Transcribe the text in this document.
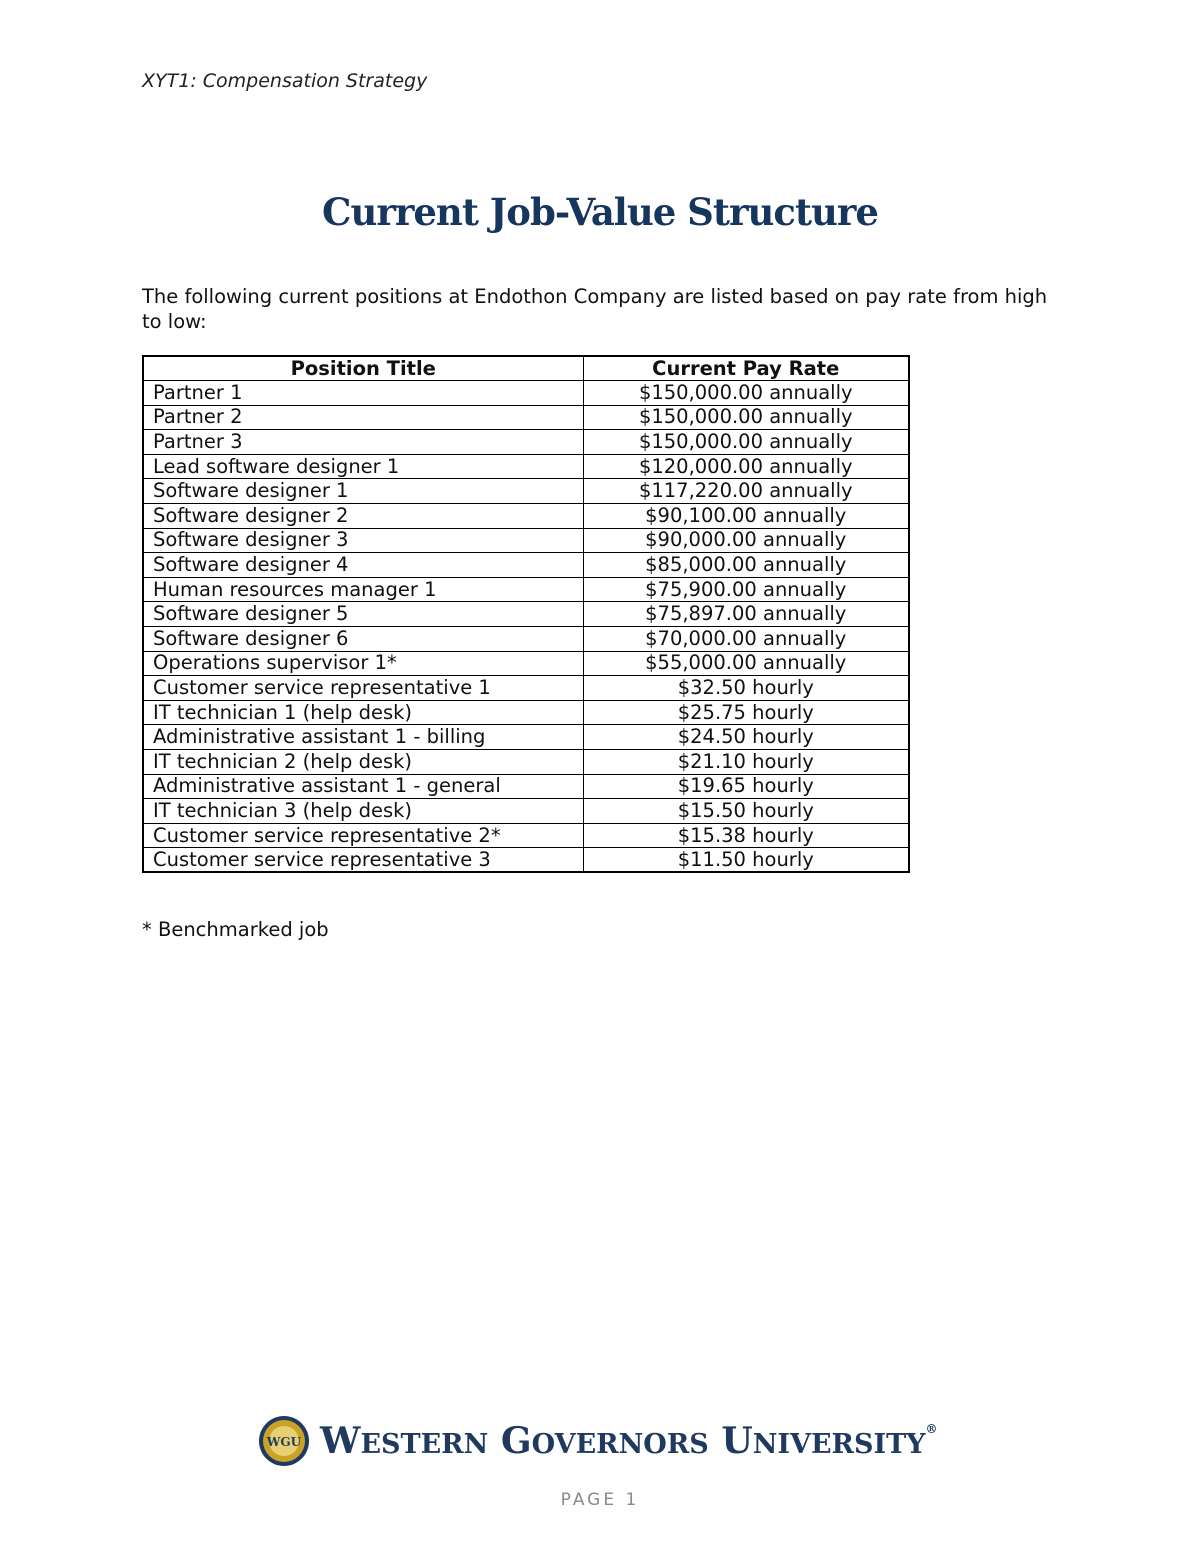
XYT1: Compensation Strategy
Current Job-Value Structure
The following current positions at Endothon Company are listed based on pay rate from high to low:
Position Title	Current Pay Rate
Partner 1	$150,000.00 annually
Partner 2	$150,000.00 annually
Partner 3	$150,000.00 annually
Lead software designer 1	$120,000.00 annually
Software designer 1	$117,220.00 annually
Software designer 2	$90,100.00 annually
Software designer 3	$90,000.00 annually
Software designer 4	$85,000.00 annually
Human resources manager 1	$75,900.00 annually
Software designer 5	$75,897.00 annually
Software designer 6	$70,000.00 annually
Operations supervisor 1*	$55,000.00 annually
Customer service representative 1	$32.50 hourly
IT technician 1 (help desk)	$25.75 hourly
Administrative assistant 1 - billing	$24.50 hourly
IT technician 2 (help desk)	$21.10 hourly
Administrative assistant 1 - general	$19.65 hourly
IT technician 3 (help desk)	$15.50 hourly
Customer service representative 2*	$15.38 hourly
Customer service representative 3	$11.50 hourly
* Benchmarked job
WGU WESTERN GOVERNORS UNIVERSITY®
PAGE 1
